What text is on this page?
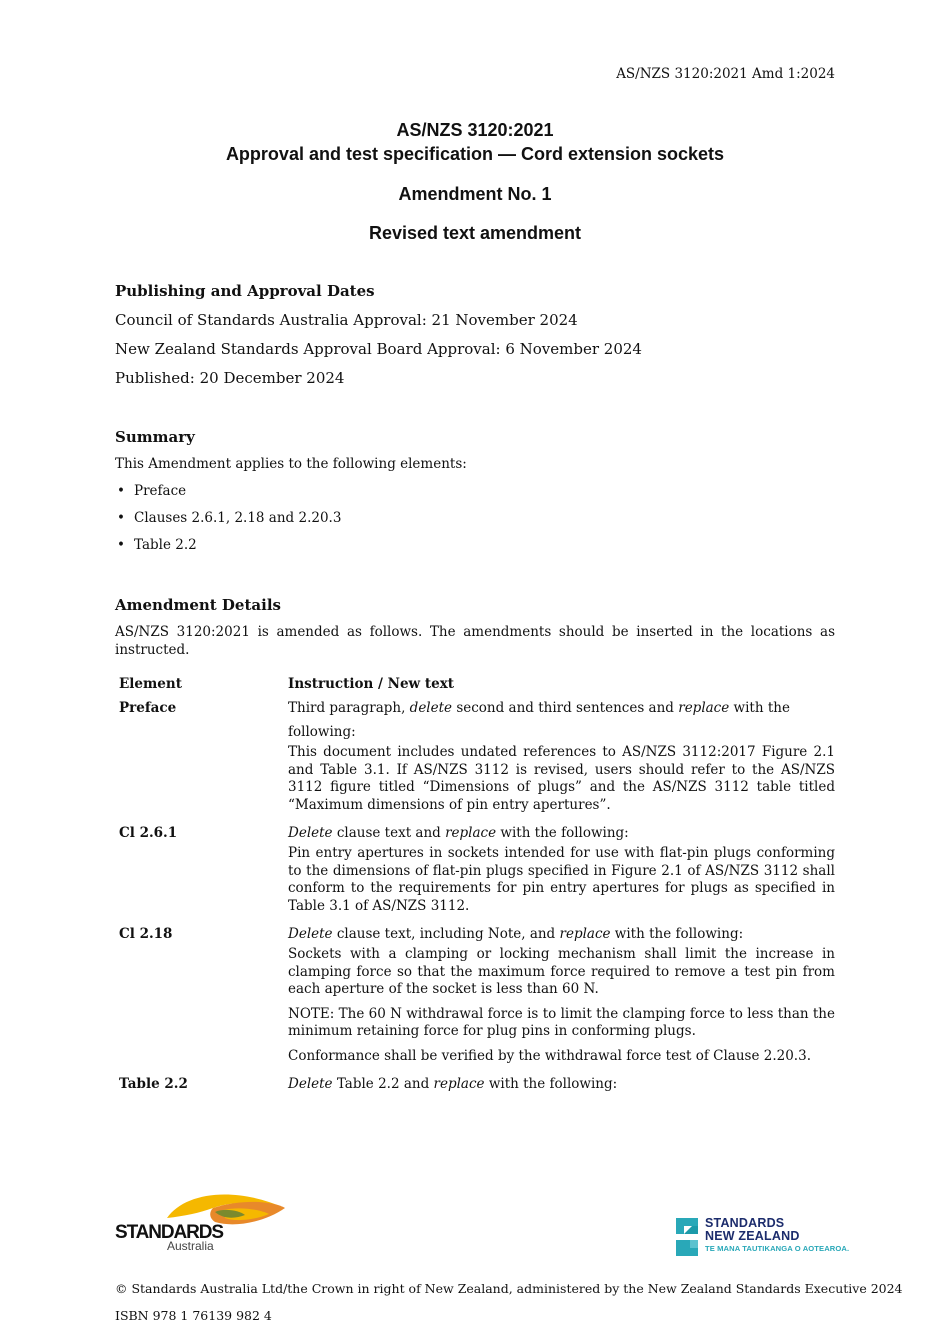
AS/NZS 3120:2021 Amd 1:2024
AS/NZS 3120:2021
Approval and test specification — Cord extension sockets
Amendment No. 1
Revised text amendment
Publishing and Approval Dates
Council of Standards Australia Approval: 21 November 2024
New Zealand Standards Approval Board Approval: 6 November 2024
Published: 20 December 2024
Summary
This Amendment applies to the following elements:
• Preface
• Clauses 2.6.1, 2.18 and 2.20.3
• Table 2.2
Amendment Details
AS/NZS 3120:2021 is amended as follows. The amendments should be inserted in the locations as instructed.
Element	Instruction / New text
Preface	Third paragraph, delete second and third sentences and replace with the following:

This document includes undated references to AS/NZS 3112:2017 Figure 2.1 and Table 3.1. If AS/NZS 3112 is revised, users should refer to the AS/NZS 3112 figure titled “Dimensions of plugs” and the AS/NZS 3112 table titled “Maximum dimensions of pin entry apertures”.

Cl 2.6.1	Delete clause text and replace with the following:

Pin entry apertures in sockets intended for use with flat-pin plugs conforming to the dimensions of flat-pin plugs specified in Figure 2.1 of AS/NZS 3112 shall conform to the requirements for pin entry apertures for plugs as specified in Table 3.1 of AS/NZS 3112.

Cl 2.18	Delete clause text, including Note, and replace with the following:

Sockets with a clamping or locking mechanism shall limit the increase in clamping force so that the maximum force required to remove a test pin from each aperture of the socket is less than 60 N.

NOTE: The 60 N withdrawal force is to limit the clamping force to less than the minimum retaining force for plug pins in conforming plugs.

Conformance shall be verified by the withdrawal force test of Clause 2.20.3.

Table 2.2	Delete Table 2.2 and replace with the following:
STANDARDS
Australia
STANDARDS
NEW ZEALAND
TE MANA TAUTIKANGA O AOTEAROA.
© Standards Australia Ltd/the Crown in right of New Zealand, administered by the New Zealand Standards Executive 2024
ISBN 978 1 76139 982 4
